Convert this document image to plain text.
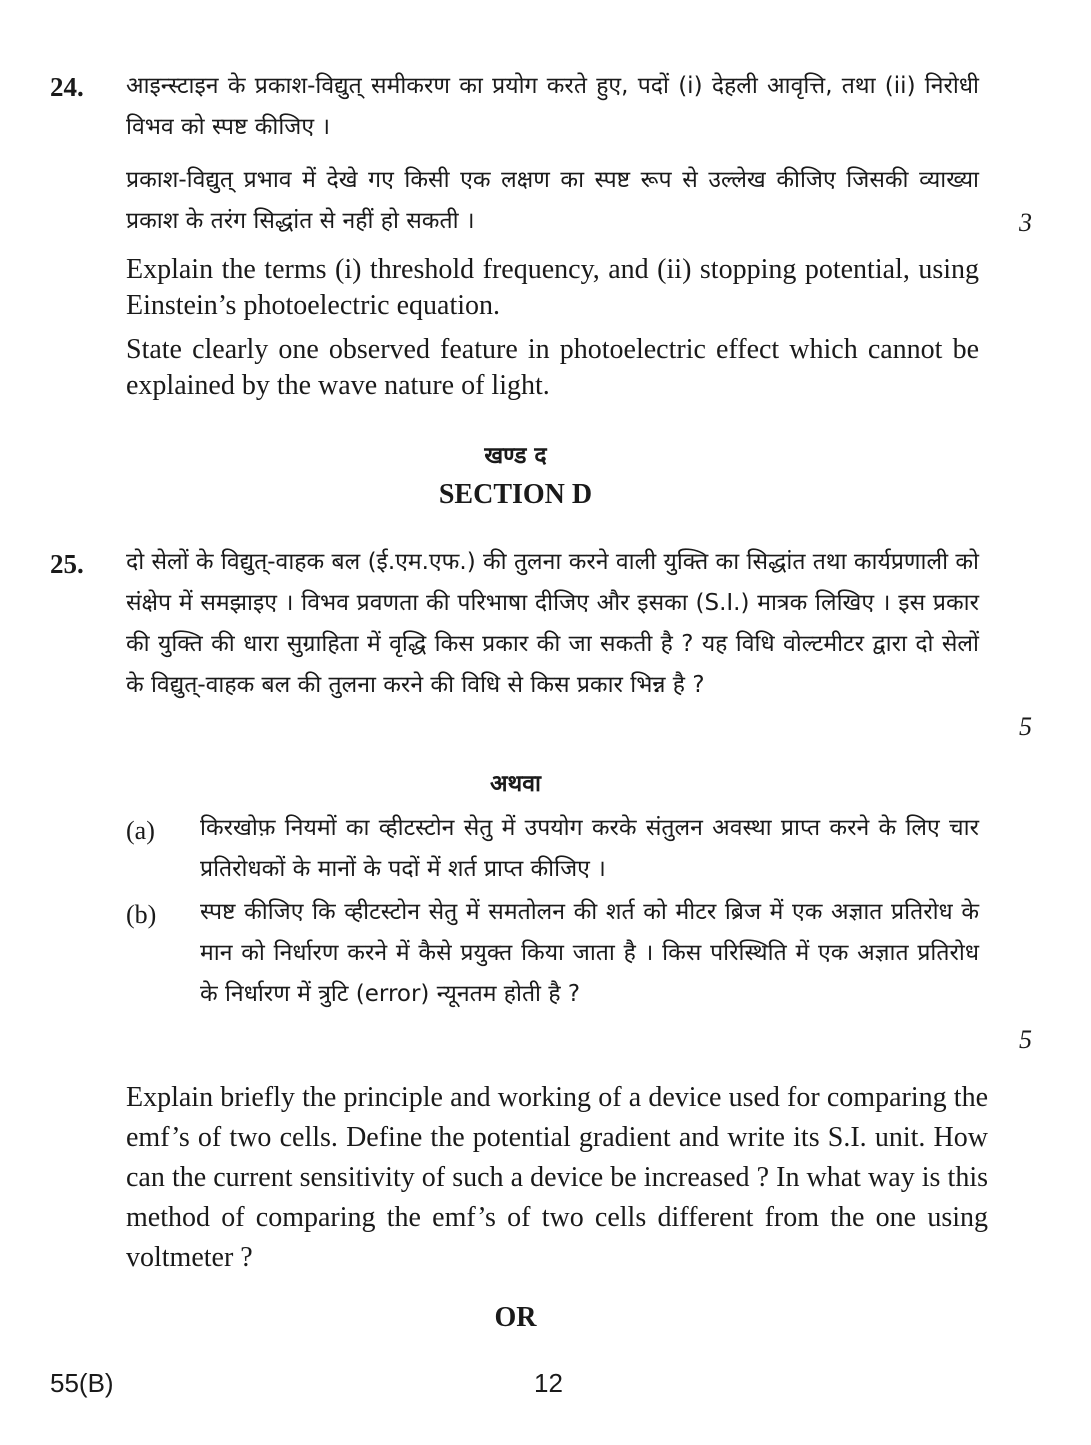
24. आइन्स्टाइन के प्रकाश-विद्युत् समीकरण का प्रयोग करते हुए, पदों (i) देहली आवृत्ति, तथा (ii) निरोधी विभव को स्पष्ट कीजिए ।

प्रकाश-विद्युत् प्रभाव में देखे गए किसी एक लक्षण का स्पष्ट रूप से उल्लेख कीजिए जिसकी व्याख्या प्रकाश के तरंग सिद्धांत से नहीं हो सकती ।	3

Explain the terms (i) threshold frequency, and (ii) stopping potential, using Einstein’s photoelectric equation.

State clearly one observed feature in photoelectric effect which cannot be explained by the wave nature of light.

खण्ड द
SECTION D
25. दो सेलों के विद्युत्-वाहक बल (ई.एम.एफ.) की तुलना करने वाली युक्ति का सिद्धांत तथा कार्यप्रणाली को संक्षेप में समझाइए । विभव प्रवणता की परिभाषा दीजिए और इसका (S.I.) मात्रक लिखिए । इस प्रकार की युक्ति की धारा सुग्राहिता में वृद्धि किस प्रकार की जा सकती है ? यह विधि वोल्टमीटर द्वारा दो सेलों के विद्युत्-वाहक बल की तुलना करने की विधि से किस प्रकार भिन्न है ?

5
अथवा
(a) किरखोफ़ नियमों का व्हीटस्टोन सेतु में उपयोग करके संतुलन अवस्था प्राप्त करने के लिए चार प्रतिरोधकों के मानों के पदों में शर्त प्राप्त कीजिए ।

(b) स्पष्ट कीजिए कि व्हीटस्टोन सेतु में समतोलन की शर्त को मीटर ब्रिज में एक अज्ञात प्रतिरोध के मान को निर्धारण करने में कैसे प्रयुक्त किया जाता है । किस परिस्थिति में एक अज्ञात प्रतिरोध के निर्धारण में त्रुटि (error) न्यूनतम होती है ?

5

Explain briefly the principle and working of a device used for comparing the emf’s of two cells. Define the potential gradient and write its S.I. unit. How can the current sensitivity of such a device be increased ? In what way is this method of comparing the emf’s of two cells different from the one using voltmeter ?

OR
55(B)	12
